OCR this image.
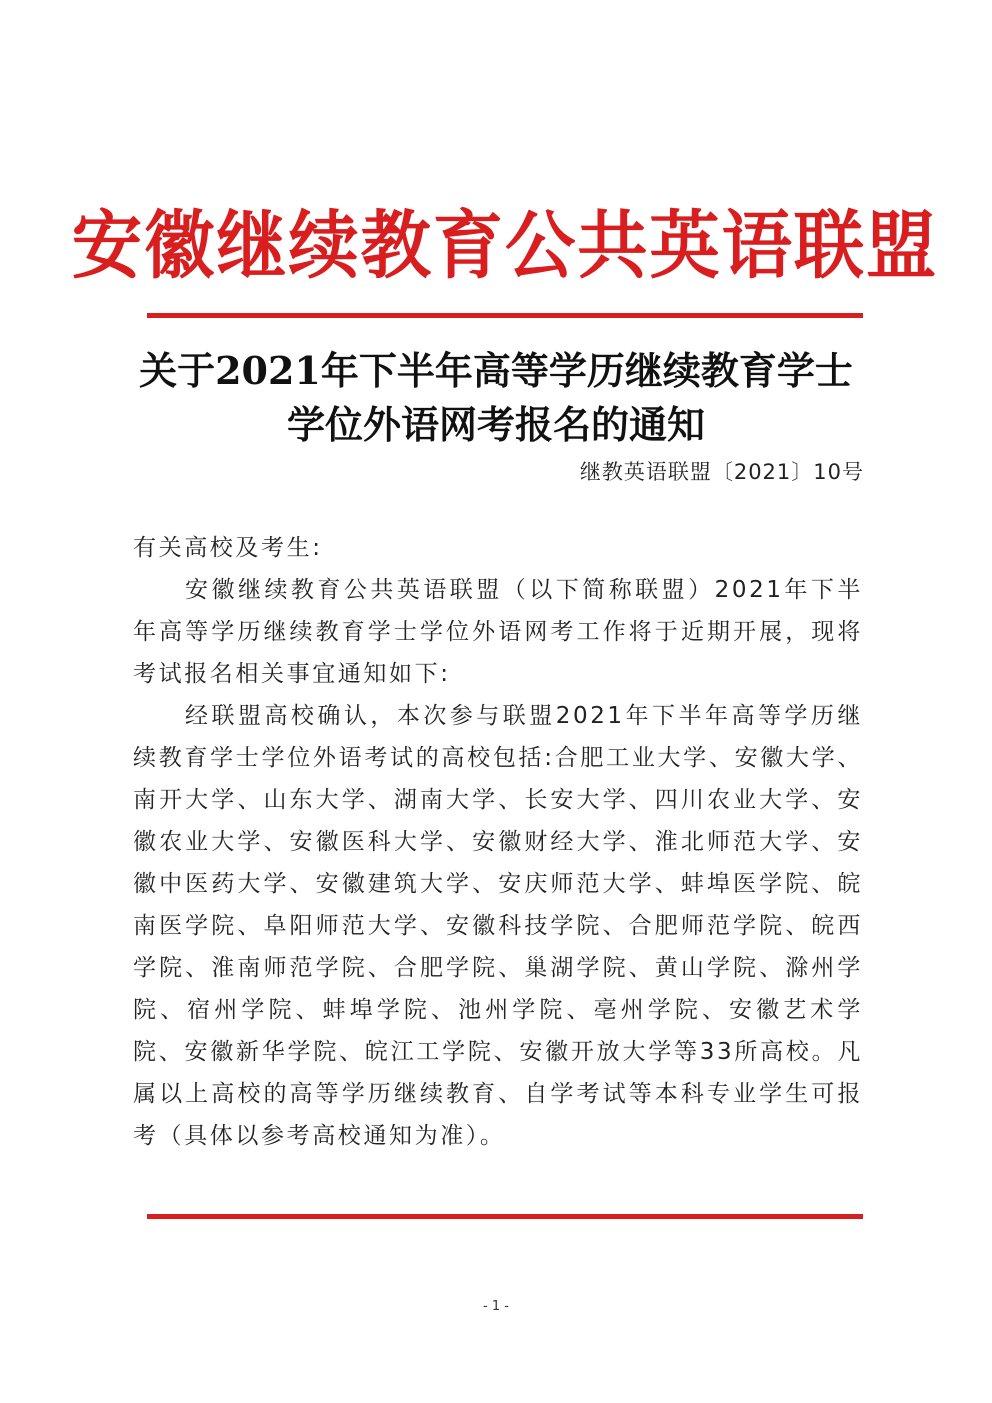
安徽继续教育公共英语联盟
关于2021年下半年高等学历继续教育学士
学位外语网考报名的通知
继教英语联盟〔2021〕10号
有关高校及考生:
安徽继续教育公共英语联盟（以下简称联盟）2021年下半年高等学历继续教育学士学位外语网考工作将于近期开展，现将考试报名相关事宜通知如下:
经联盟高校确认，本次参与联盟2021年下半年高等学历继续教育学士学位外语考试的高校包括:合肥工业大学、安徽大学、南开大学、山东大学、湖南大学、长安大学、四川农业大学、安徽农业大学、安徽医科大学、安徽财经大学、淮北师范大学、安徽中医药大学、安徽建筑大学、安庆师范大学、蚌埠医学院、皖南医学院、阜阳师范大学、安徽科技学院、合肥师范学院、皖西学院、淮南师范学院、合肥学院、巢湖学院、黄山学院、滁州学院、宿州学院、蚌埠学院、池州学院、亳州学院、安徽艺术学院、安徽新华学院、皖江工学院、安徽开放大学等33所高校。凡属以上高校的高等学历继续教育、自学考试等本科专业学生可报考（具体以参考高校通知为准）。
- 1 -
